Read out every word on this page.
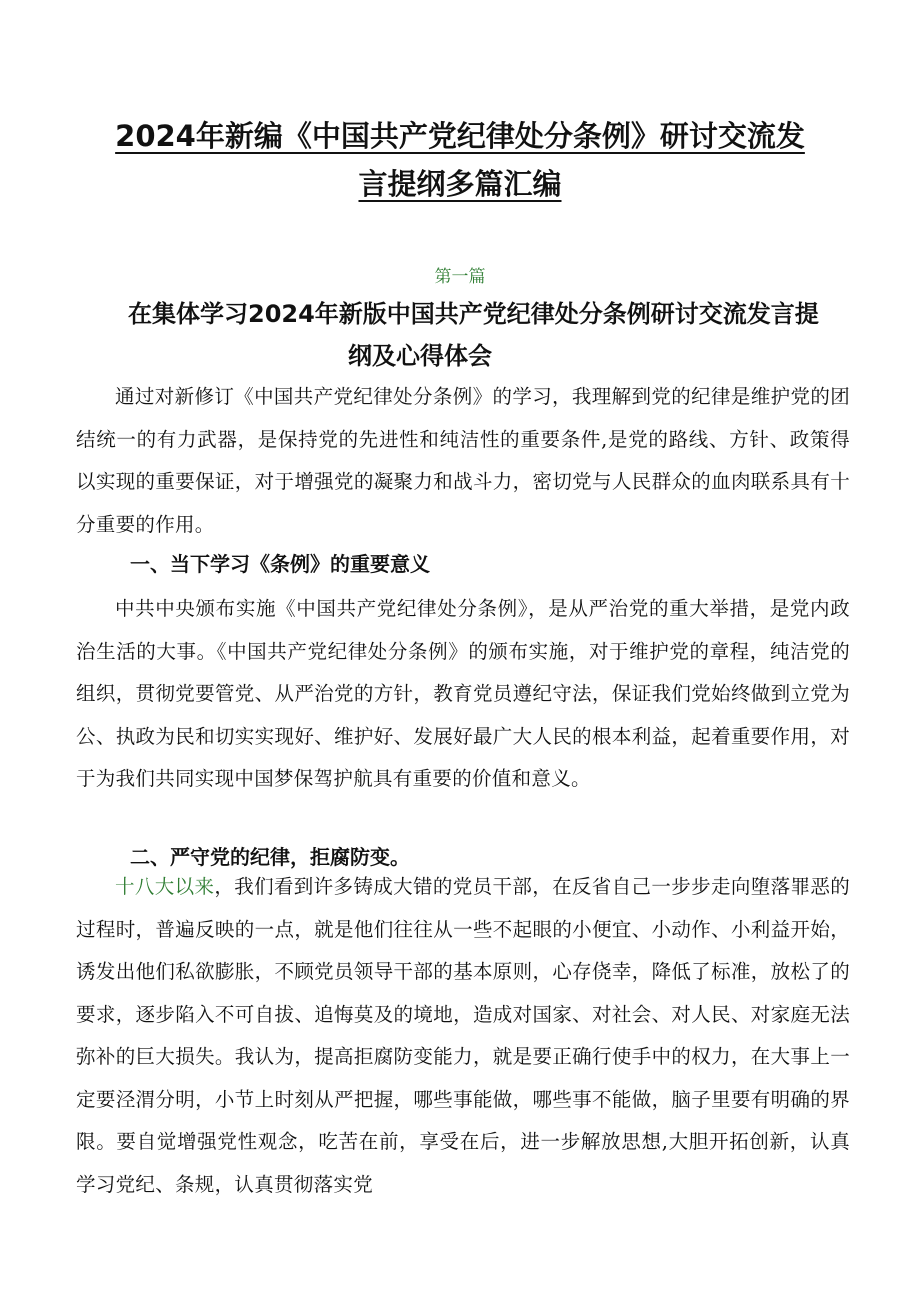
2024年新编《中国共产党纪律处分条例》研讨交流发
言提纲多篇汇编

第一篇

在集体学习2024年新版中国共产党纪律处分条例研讨交流发言提
纲及心得体会

通过对新修订《中国共产党纪律处分条例》的学习，我理解到党的纪律是维护党的团结统一的有力武器，是保持党的先进性和纯洁性的重要条件,是党的路线、方针、政策得以实现的重要保证，对于增强党的凝聚力和战斗力，密切党与人民群众的血肉联系具有十分重要的作用。

一、当下学习《条例》的重要意义

中共中央颁布实施《中国共产党纪律处分条例》，是从严治党的重大举措，是党内政治生活的大事。《中国共产党纪律处分条例》的颁布实施，对于维护党的章程，纯洁党的组织，贯彻党要管党、从严治党的方针，教育党员遵纪守法，保证我们党始终做到立党为公、执政为民和切实实现好、维护好、发展好最广大人民的根本利益，起着重要作用，对于为我们共同实现中国梦保驾护航具有重要的价值和意义。

二、严守党的纪律，拒腐防变。

十八大以来，我们看到许多铸成大错的党员干部，在反省自己一步步走向堕落罪恶的过程时，普遍反映的一点，就是他们往往从一些不起眼的小便宜、小动作、小利益开始，诱发出他们私欲膨胀，不顾党员领导干部的基本原则，心存侥幸，降低了标准，放松了的要求，逐步陷入不可自拔、追悔莫及的境地，造成对国家、对社会、对人民、对家庭无法弥补的巨大损失。我认为，提高拒腐防变能力，就是要正确行使手中的权力，在大事上一定要泾渭分明，小节上时刻从严把握，哪些事能做，哪些事不能做，脑子里要有明确的界限。要自觉增强党性观念，吃苦在前，享受在后，进一步解放思想,大胆开拓创新，认真学习党纪、条规，认真贯彻落实党
